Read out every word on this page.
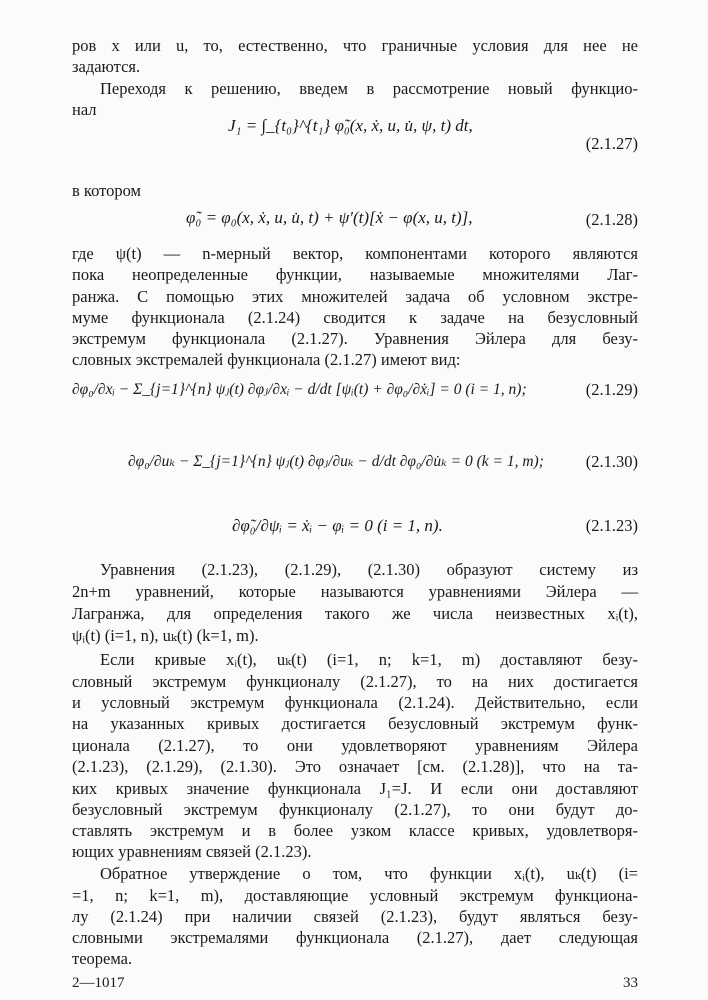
ров x или u, то, естественно, что граничные условия для нее не
задаются.
Переходя к решению, введем в рассмотрение новый функцио-
нал
J₁ = ∫_{t₀}^{t₁} φ̃₀(x, ẋ, u, u̇, ψ, t) dt,
(2.1.27)
в котором
φ̃₀ = φ₀(x, ẋ, u, u̇, t) + ψ′(t)[ẋ − φ(x, u, t)],	(2.1.28)
где ψ(t) — n-мерный вектор, компонентами которого являются
пока неопределенные функции, называемые множителями Лаг-
ранжа. С помощью этих множителей задача об условном экстре-
муме функционала (2.1.24) сводится к задаче на безусловный
экстремум функционала (2.1.27). Уравнения Эйлера для безу-
словных экстремалей функционала (2.1.27) имеют вид:
∂φ₀/∂xᵢ − Σ_{j=1}^{n} ψⱼ(t) ∂φⱼ/∂xᵢ − d/dt [ψᵢ(t) + ∂φ₀/∂ẋᵢ] = 0 (i = 1, n);	(2.1.29)
∂φ₀/∂uₖ − Σ_{j=1}^{n} ψⱼ(t) ∂φⱼ/∂uₖ − d/dt ∂φ₀/∂u̇ₖ = 0 (k = 1, m);	(2.1.30)
∂φ̃₀/∂ψᵢ = ẋᵢ − φᵢ = 0 (i = 1, n).	(2.1.23)
Уравнения (2.1.23), (2.1.29), (2.1.30) образуют систему из
2n+m уравнений, которые называются уравнениями Эйлера —
Лагранжа, для определения такого же числа неизвестных xᵢ(t),
ψᵢ(t) (i=1, n), uₖ(t) (k=1, m).
Если кривые xᵢ(t), uₖ(t) (i=1, n; k=1, m) доставляют безу-
словный экстремум функционалу (2.1.27), то на них достигается
и условный экстремум функционала (2.1.24). Действительно, если
на указанных кривых достигается безусловный экстремум функ-
ционала (2.1.27), то они удовлетворяют уравнениям Эйлера
(2.1.23), (2.1.29), (2.1.30). Это означает [см. (2.1.28)], что на та-
ких кривых значение функционала J₁=J. И если они доставляют
безусловный экстремум функционалу (2.1.27), то они будут до-
ставлять экстремум и в более узком классе кривых, удовлетворя-
ющих уравнениям связей (2.1.23).
Обратное утверждение о том, что функции xᵢ(t), uₖ(t) (i=
=1, n; k=1, m), доставляющие условный экстремум функциона-
лу (2.1.24) при наличии связей (2.1.23), будут являться безу-
словными экстремалями функционала (2.1.27), дает следующая
теорема.
2—1017	33
